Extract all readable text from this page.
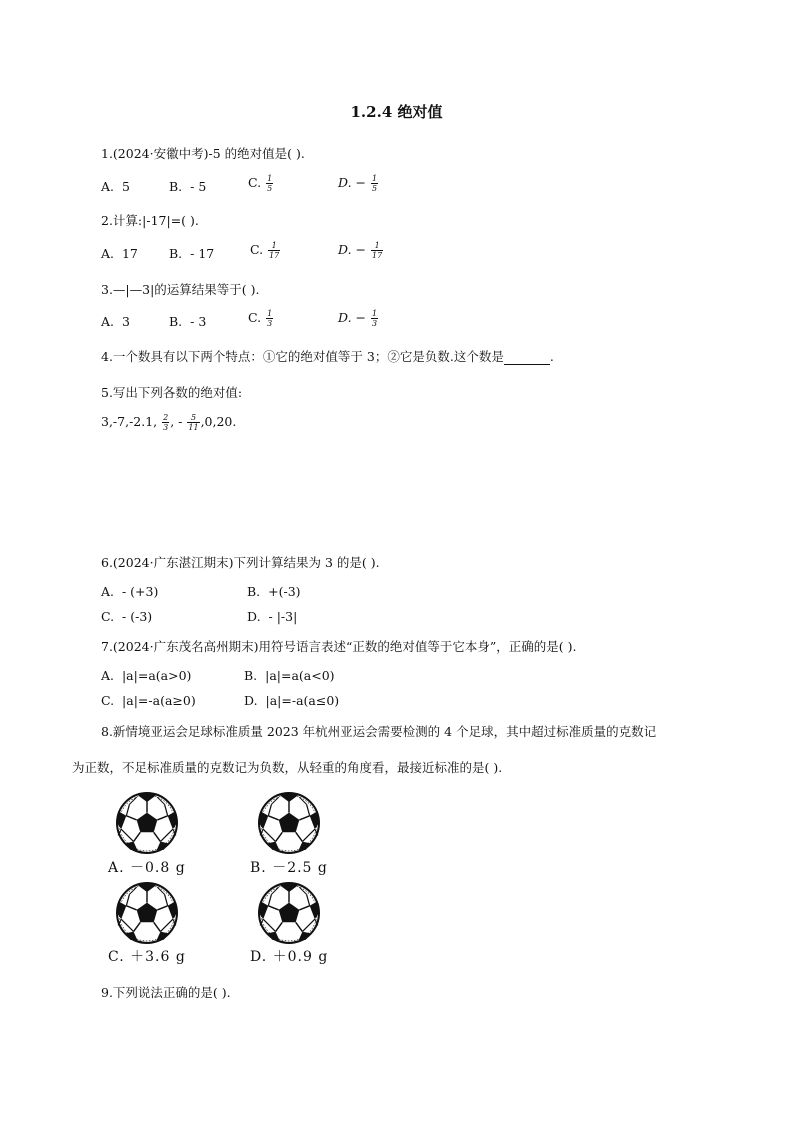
1.2.4 绝对值
1.(2024·安徽中考)-5 的绝对值是( ).
A. 5	B. - 5	C. $\frac{1}{5}$	D. − $\frac{1}{5}$
2.计算:|-17|=( ).
A. 17 B. - 17	C. $\frac{1}{17}$	D. − $\frac{1}{17}$
3.—|—3|的运算结果等于( ).
A. 3	B. - 3	C. $\frac{1}{3}$	D. − $\frac{1}{3}$
4.一个数具有以下两个特点：①它的绝对值等于 3；②它是负数.这个数是	.
5.写出下列各数的绝对值:
3,-7,-2.1, $\frac{2}{3}$ , - $\frac{5}{11} ,0,20$.
6.(2024·广东湛江期末)下列计算结果为 3 的是( ).
A. - (+3)	B. +(-3)
C. - (-3)	D. - |-3|
7.(2024·广东茂名高州期末)用符号语言表述“正数的绝对值等于它本身”，正确的是( ).
A. |a|=a(a>0)	B. |a|=a(a<0)
C. |a|=-a(a≥0)	D. |a|=-a(a≤0)
8.新情境亚运会足球标准质量 2023 年杭州亚运会需要检测的 4 个足球，其中超过标准质量的克数记
为正数，不足标准质量的克数记为负数，从轻重的角度看，最接近标准的是( ).
A. －0.8 g	B. －2.5 g
C. ＋3.6 g	D. ＋0.9 g
9.下列说法正确的是( ).
